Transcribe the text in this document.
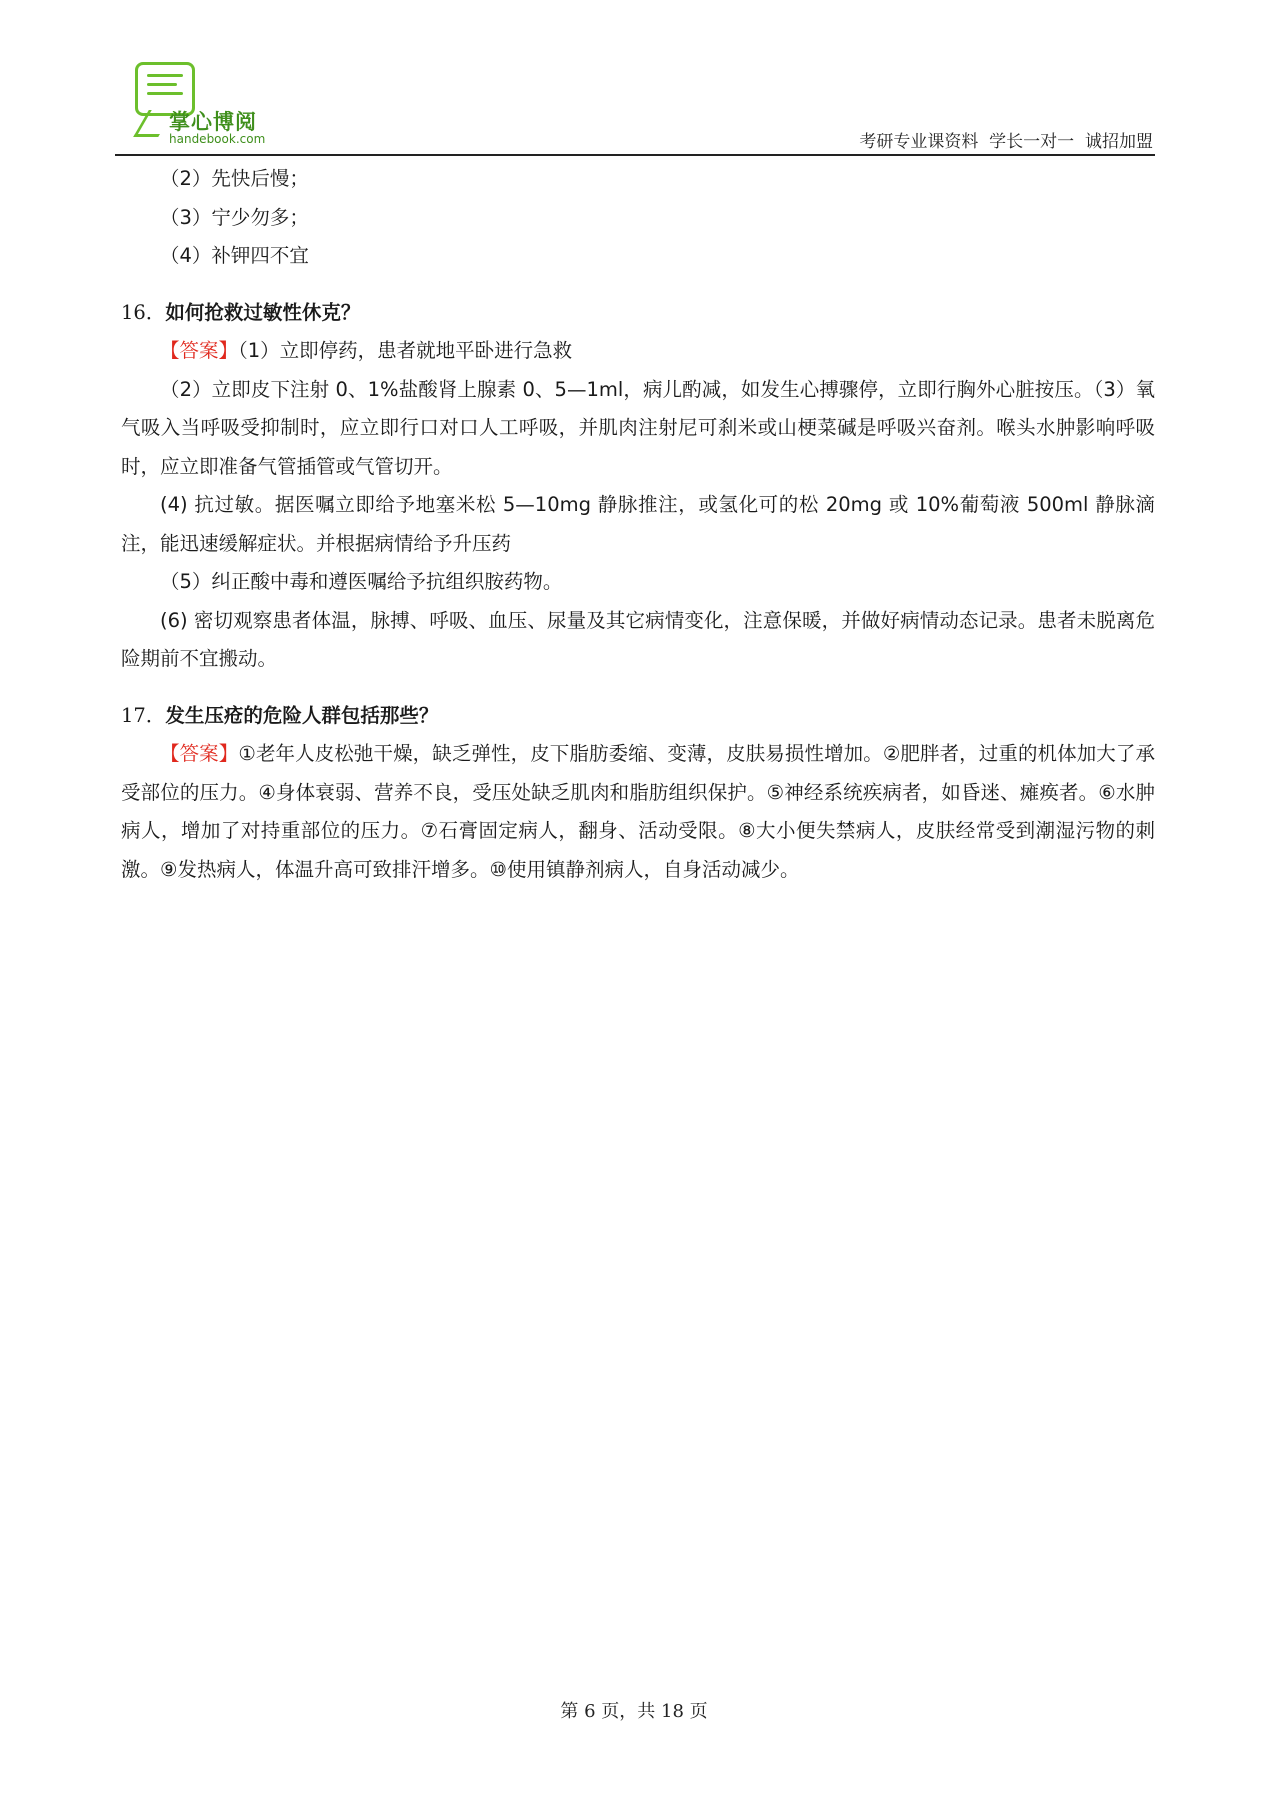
掌心博阅
handebook.com	考研专业课资料  学长一对一  诚招加盟

（2）先快后慢；

（3）宁少勿多；

（4）补钾四不宜

16．如何抢救过敏性休克？

【答案】（1）立即停药，患者就地平卧进行急救

（2）立即皮下注射 0、1%盐酸肾上腺素 0、5—1ml，病儿酌减，如发生心搏骤停，立即行胸外心脏按压。（3）氧气吸入当呼吸受抑制时，应立即行口对口人工呼吸，并肌肉注射尼可刹米或山梗菜碱是呼吸兴奋剂。喉头水肿影响呼吸时，应立即准备气管插管或气管切开。

(4) 抗过敏。据医嘱立即给予地塞米松 5—10mg 静脉推注，或氢化可的松 20mg 或 10%葡萄液 500ml 静脉滴注，能迅速缓解症状。并根据病情给予升压药

（5）纠正酸中毒和遵医嘱给予抗组织胺药物。

(6) 密切观察患者体温，脉搏、呼吸、血压、尿量及其它病情变化，注意保暖，并做好病情动态记录。患者未脱离危险期前不宜搬动。

17．发生压疮的危险人群包括那些？

【答案】①老年人皮松弛干燥，缺乏弹性，皮下脂肪委缩、变薄，皮肤易损性增加。②肥胖者，过重的机体加大了承受部位的压力。④身体衰弱、营养不良，受压处缺乏肌肉和脂肪组织保护。⑤神经系统疾病者，如昏迷、瘫痪者。⑥水肿病人，增加了对持重部位的压力。⑦石膏固定病人，翻身、活动受限。⑧大小便失禁病人，皮肤经常受到潮湿污物的刺激。⑨发热病人，体温升高可致排汗增多。⑩使用镇静剂病人，自身活动减少。

第 6 页，共 18 页
